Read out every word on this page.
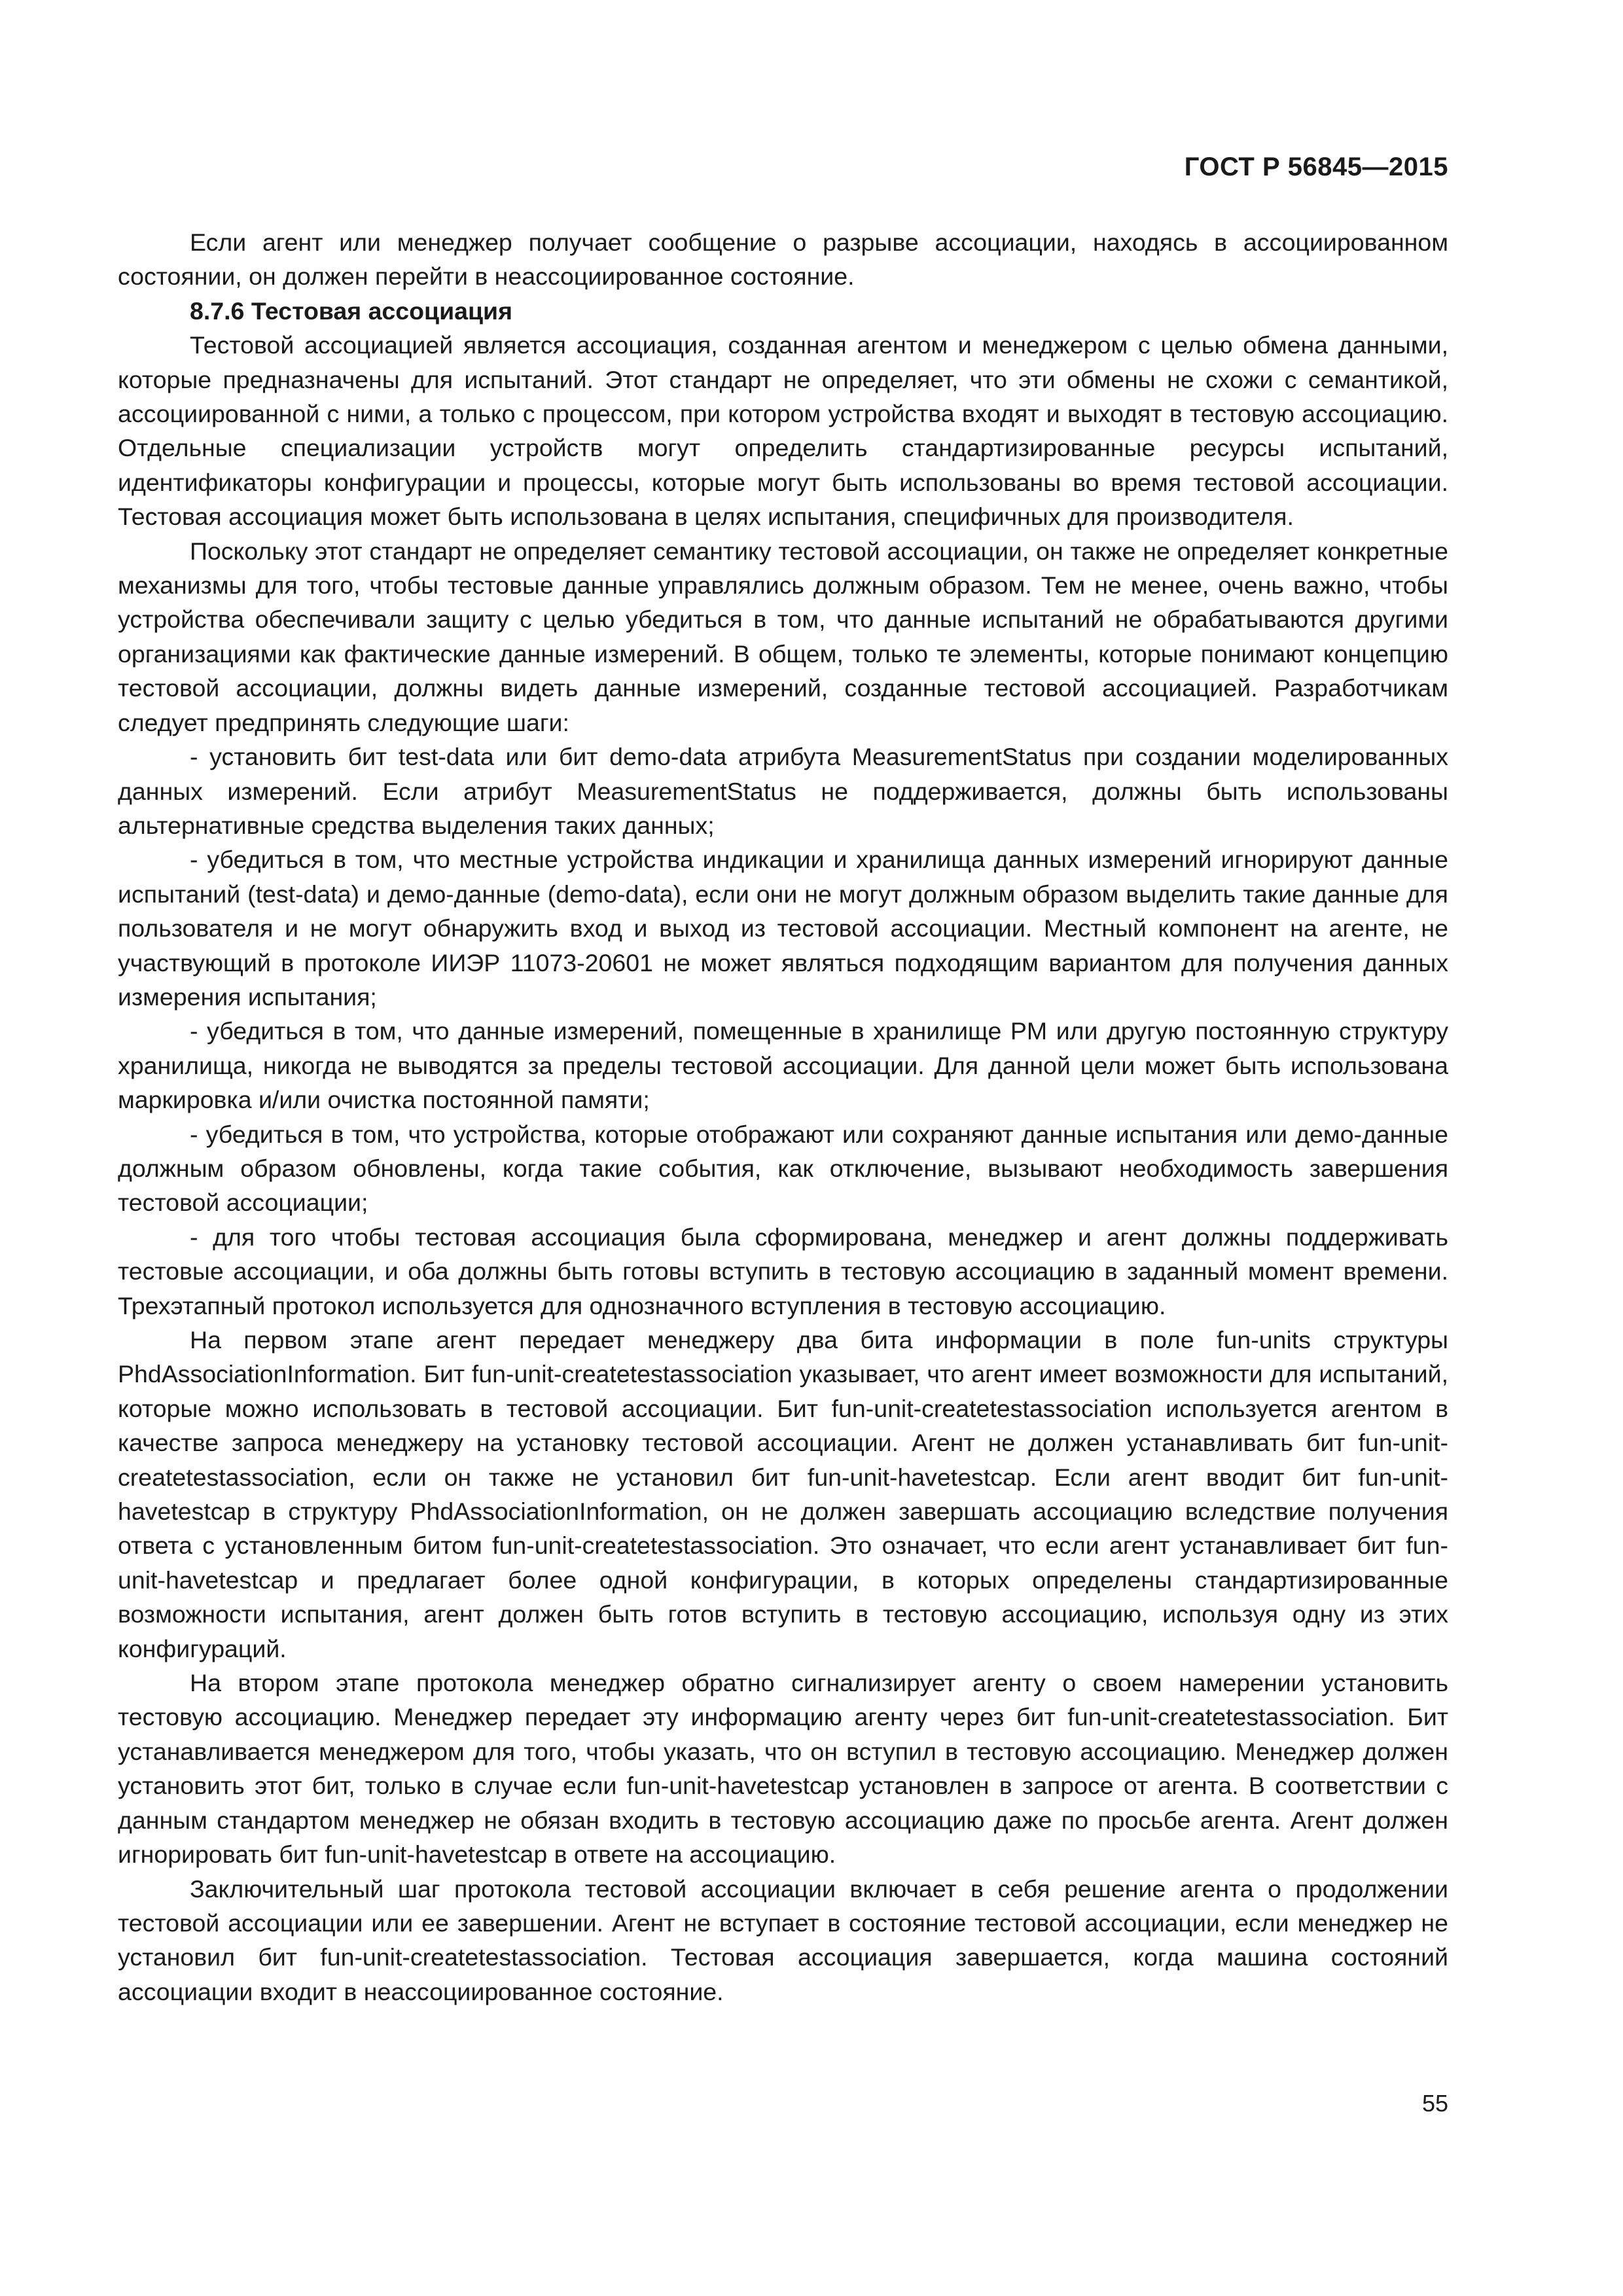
ГОСТ Р 56845—2015

Если агент или менеджер получает сообщение о разрыве ассоциации, находясь в ассоциированном состоянии, он должен перейти в неассоциированное состояние.

8.7.6 Тестовая ассоциация

Тестовой ассоциацией является ассоциация, созданная агентом и менеджером с целью обмена данными, которые предназначены для испытаний. Этот стандарт не определяет, что эти обмены не схожи с семантикой, ассоциированной с ними, а только с процессом, при котором устройства входят и выходят в тестовую ассоциацию. Отдельные специализации устройств могут определить стандартизированные ресурсы испытаний, идентификаторы конфигурации и процессы, которые могут быть использованы во время тестовой ассоциации. Тестовая ассоциация может быть использована в целях испытания, специфичных для производителя.

Поскольку этот стандарт не определяет семантику тестовой ассоциации, он также не определяет конкретные механизмы для того, чтобы тестовые данные управлялись должным образом. Тем не менее, очень важно, чтобы устройства обеспечивали защиту с целью убедиться в том, что данные испытаний не обрабатываются другими организациями как фактические данные измерений. В общем, только те элементы, которые понимают концепцию тестовой ассоциации, должны видеть данные измерений, созданные тестовой ассоциацией. Разработчикам следует предпринять следующие шаги:

- установить бит test-data или бит demo-data атрибута MeasurementStatus при создании моделированных данных измерений. Если атрибут MeasurementStatus не поддерживается, должны быть использованы альтернативные средства выделения таких данных;

- убедиться в том, что местные устройства индикации и хранилища данных измерений игнорируют данные испытаний (test-data) и демо-данные (demo-data), если они не могут должным образом выделить такие данные для пользователя и не могут обнаружить вход и выход из тестовой ассоциации. Местный компонент на агенте, не участвующий в протоколе ИИЭР 11073-20601 не может являться подходящим вариантом для получения данных измерения испытания;

- убедиться в том, что данные измерений, помещенные в хранилище PM или другую постоянную структуру хранилища, никогда не выводятся за пределы тестовой ассоциации. Для данной цели может быть использована маркировка и/или очистка постоянной памяти;

- убедиться в том, что устройства, которые отображают или сохраняют данные испытания или демо-данные должным образом обновлены, когда такие события, как отключение, вызывают необходимость завершения тестовой ассоциации;

- для того чтобы тестовая ассоциация была сформирована, менеджер и агент должны поддерживать тестовые ассоциации, и оба должны быть готовы вступить в тестовую ассоциацию в заданный момент времени. Трехэтапный протокол используется для однозначного вступления в тестовую ассоциацию.

На первом этапе агент передает менеджеру два бита информации в поле fun-units структуры PhdAssociationInformation. Бит fun-unit-createtestassociation указывает, что агент имеет возможности для испытаний, которые можно использовать в тестовой ассоциации. Бит fun-unit-createtestassociation используется агентом в качестве запроса менеджеру на установку тестовой ассоциации. Агент не должен устанавливать бит fun-unit-createtestassociation, если он также не установил бит fun-unit-havetestcap. Если агент вводит бит fun-unit-havetestcap в структуру PhdAssociationInformation, он не должен завершать ассоциацию вследствие получения ответа с установленным битом fun-unit-createtestassociation. Это означает, что если агент устанавливает бит fun-unit-havetestcap и предлагает более одной конфигурации, в которых определены стандартизированные возможности испытания, агент должен быть готов вступить в тестовую ассоциацию, используя одну из этих конфигураций.

На втором этапе протокола менеджер обратно сигнализирует агенту о своем намерении установить тестовую ассоциацию. Менеджер передает эту информацию агенту через бит fun-unit-createtestassociation. Бит устанавливается менеджером для того, чтобы указать, что он вступил в тестовую ассоциацию. Менеджер должен установить этот бит, только в случае если fun-unit-havetestcap установлен в запросе от агента. В соответствии с данным стандартом менеджер не обязан входить в тестовую ассоциацию даже по просьбе агента. Агент должен игнорировать бит fun-unit-havetestcap в ответе на ассоциацию.

Заключительный шаг протокола тестовой ассоциации включает в себя решение агента о продолжении тестовой ассоциации или ее завершении. Агент не вступает в состояние тестовой ассоциации, если менеджер не установил бит fun-unit-createtestassociation. Тестовая ассоциация завершается, когда машина состояний ассоциации входит в неассоциированное состояние.

55
